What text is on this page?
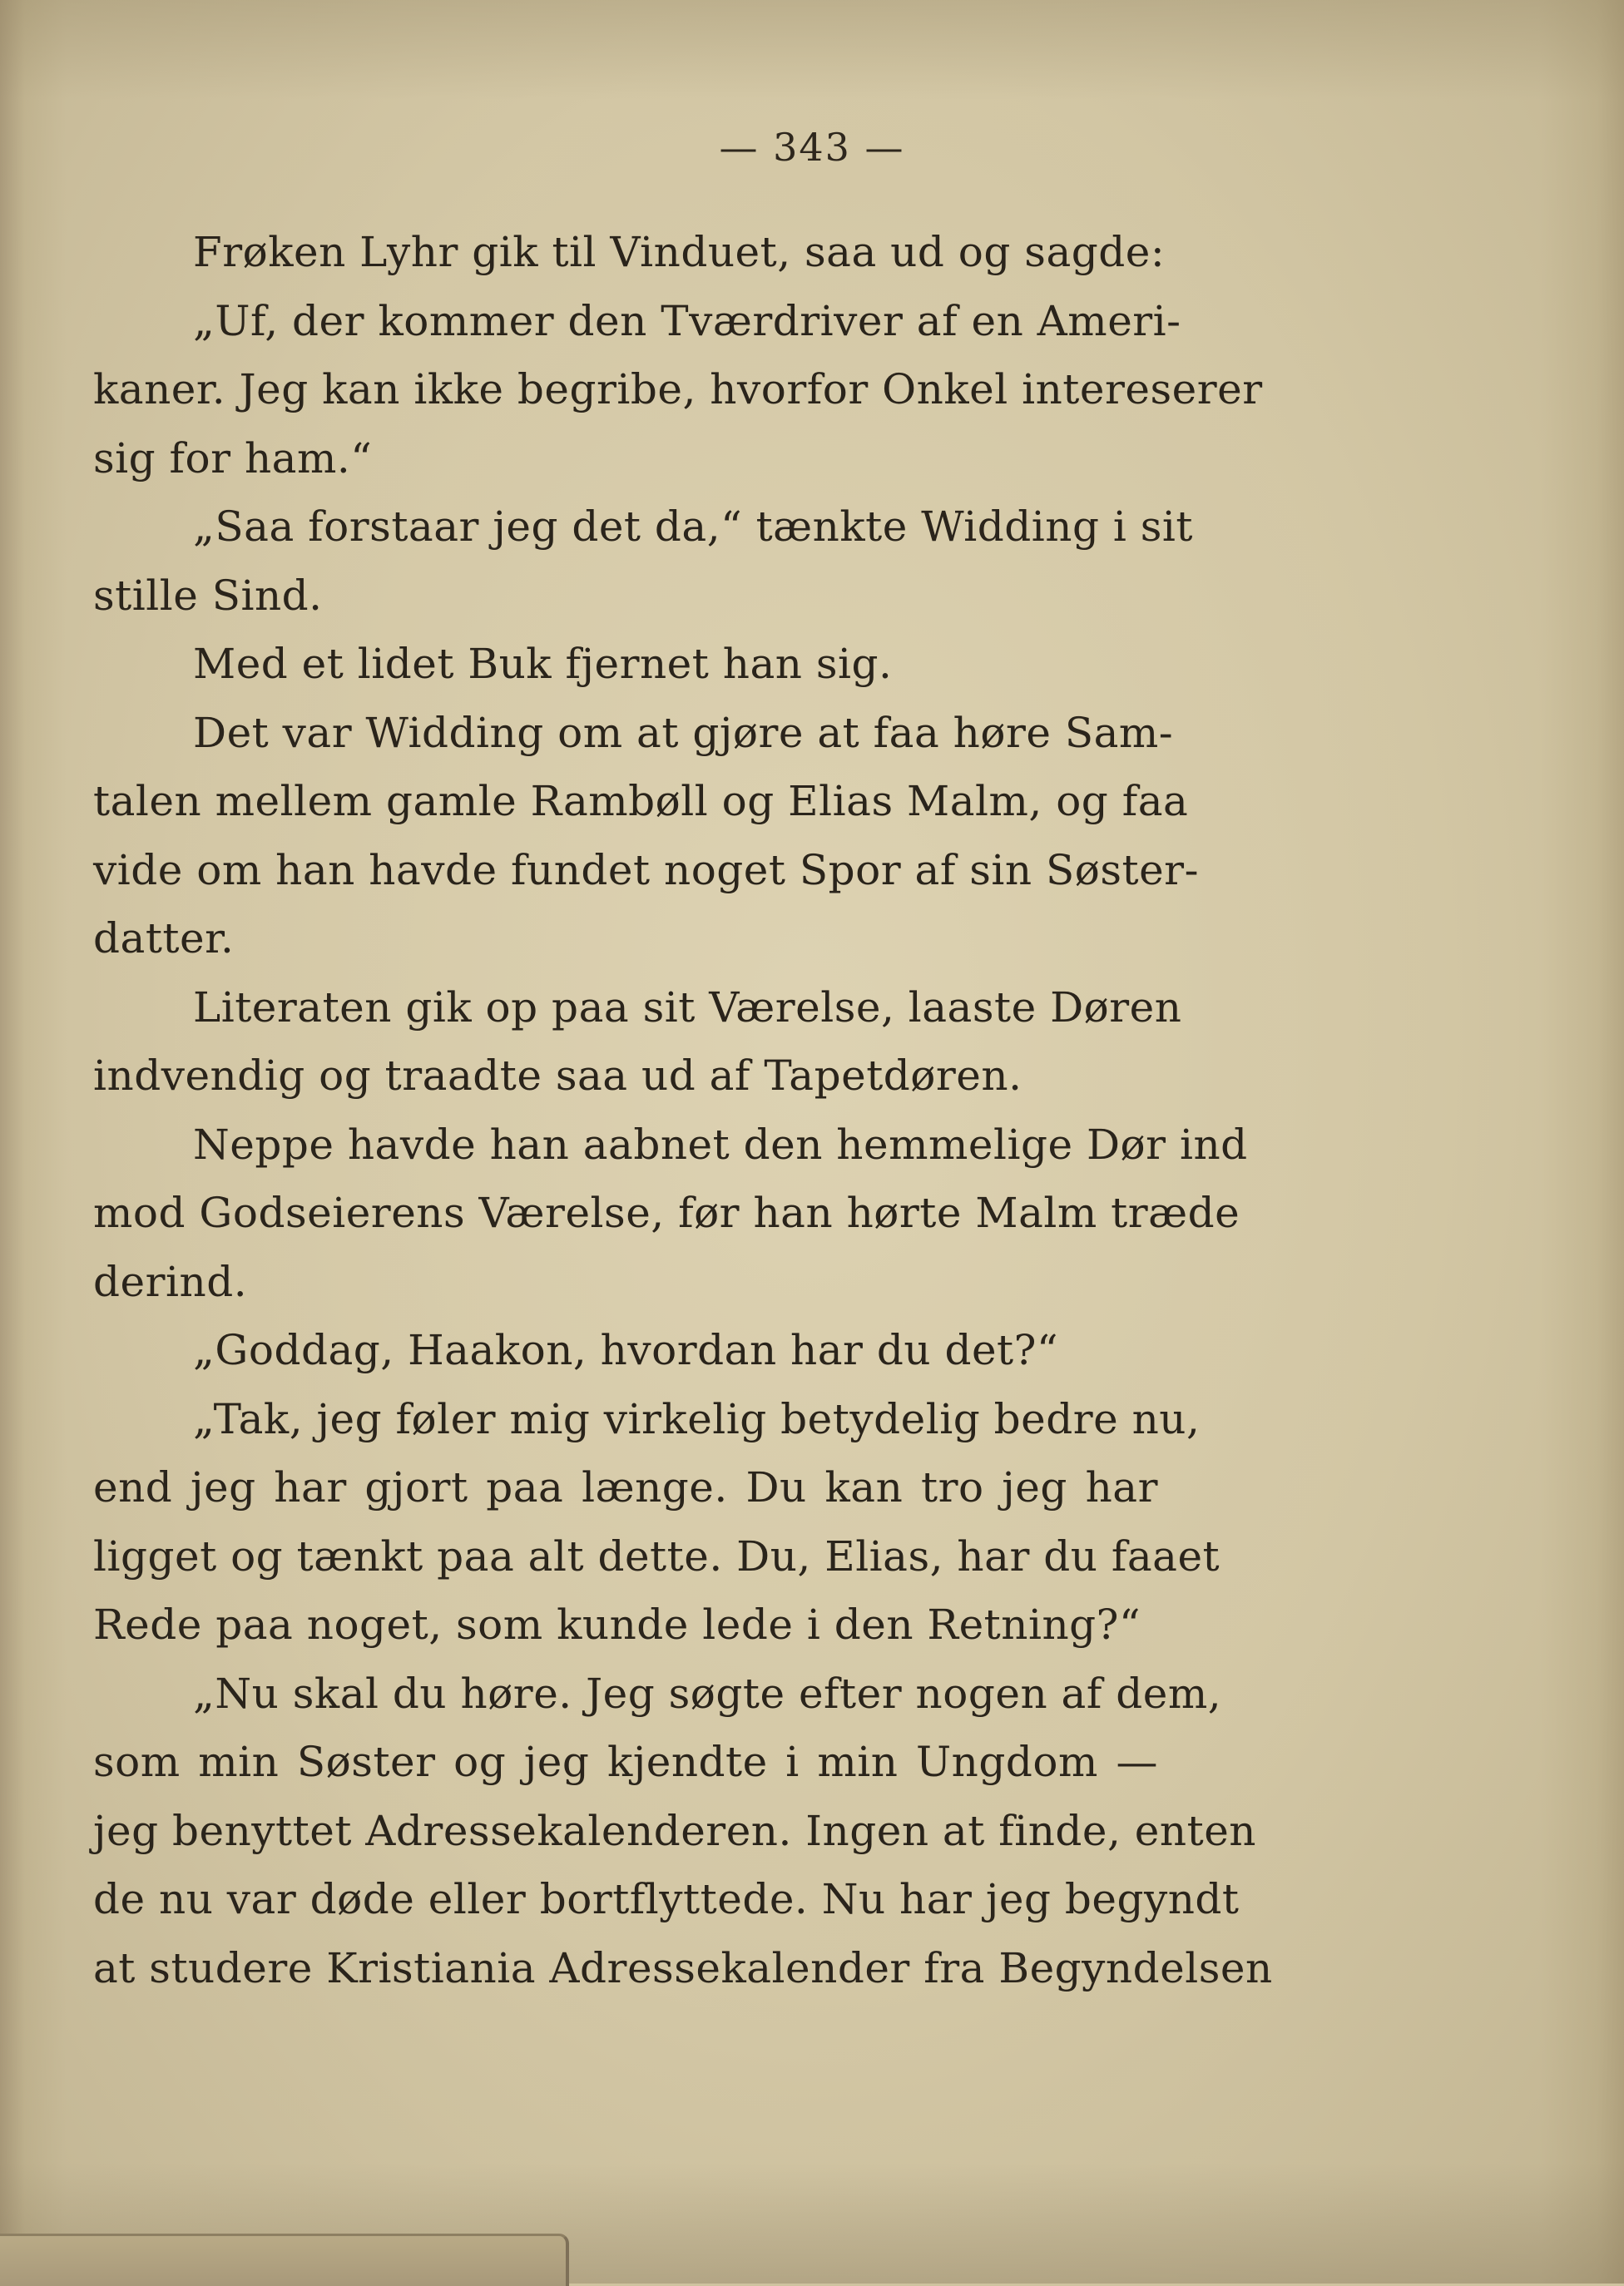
— 343 —
Frøken Lyhr gik til Vinduet, saa ud og sagde:
„Uf, der kommer den Tværdriver af en Ameri-
kaner. Jeg kan ikke begribe, hvorfor Onkel intereserer
sig for ham.“
„Saa forstaar jeg det da,“ tænkte Widding i sit
stille Sind.
Med et lidet Buk fjernet han sig.
Det var Widding om at gjøre at faa høre Sam-
talen mellem gamle Rambøll og Elias Malm, og faa
vide om han havde fundet noget Spor af sin Søster-
datter.
Literaten gik op paa sit Værelse, laaste Døren
indvendig og traadte saa ud af Tapetdøren.
Neppe havde han aabnet den hemmelige Dør ind
mod Godseierens Værelse, før han hørte Malm træde
derind.
„Goddag, Haakon, hvordan har du det?“
„Tak, jeg føler mig virkelig betydelig bedre nu,
end jeg har gjort paa længe. Du kan tro jeg har
ligget og tænkt paa alt dette. Du, Elias, har du faaet
Rede paa noget, som kunde lede i den Retning?“
„Nu skal du høre. Jeg søgte efter nogen af dem,
som min Søster og jeg kjendte i min Ungdom —
jeg benyttet Adressekalenderen. Ingen at finde, enten
de nu var døde eller bortflyttede. Nu har jeg begyndt
at studere Kristiania Adressekalender fra Begyndelsen
